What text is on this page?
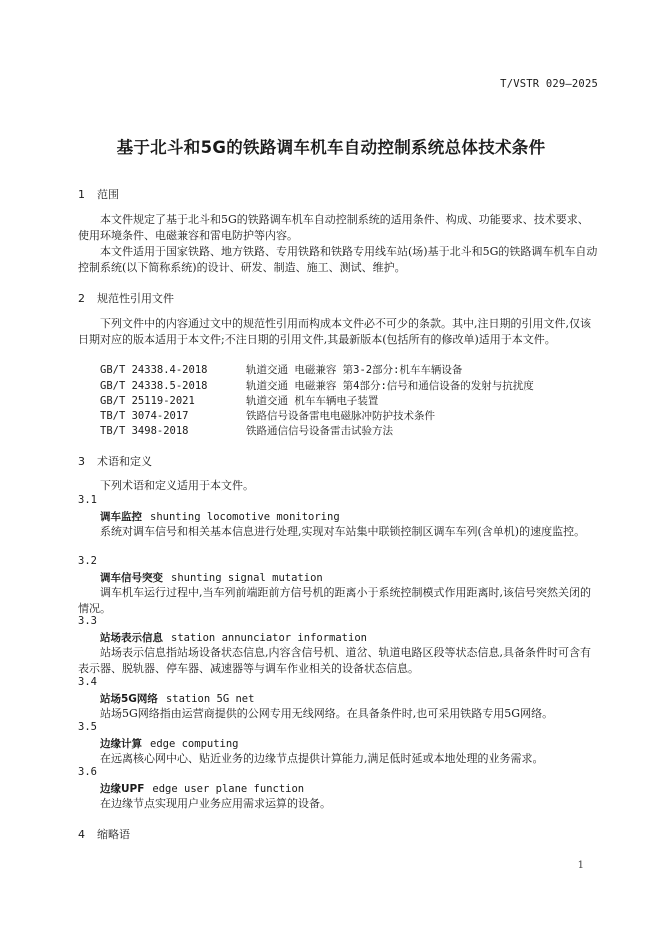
T/VSTR 029—2025
基于北斗和5G的铁路调车机车自动控制系统总体技术条件
1 范围
本文件规定了基于北斗和5G的铁路调车机车自动控制系统的适用条件、构成、功能要求、技术要求、使用环境条件、电磁兼容和雷电防护等内容。
本文件适用于国家铁路、地方铁路、专用铁路和铁路专用线车站(场)基于北斗和5G的铁路调车机车自动控制系统(以下简称系统)的设计、研发、制造、施工、测试、维护。
2 规范性引用文件
下列文件中的内容通过文中的规范性引用而构成本文件必不可少的条款。其中,注日期的引用文件,仅该日期对应的版本适用于本文件;不注日期的引用文件,其最新版本(包括所有的修改单)适用于本文件。
GB/T 24338.4-2018	轨道交通 电磁兼容 第3-2部分:机车车辆设备
GB/T 24338.5-2018	轨道交通 电磁兼容 第4部分:信号和通信设备的发射与抗扰度
GB/T 25119-2021	轨道交通 机车车辆电子装置
TB/T 3074-2017	铁路信号设备雷电电磁脉冲防护技术条件
TB/T 3498-2018	铁路通信信号设备雷击试验方法
3 术语和定义
下列术语和定义适用于本文件。
3.1
调车监控 shunting locomotive monitoring
系统对调车信号和相关基本信息进行处理,实现对车站集中联锁控制区调车车列(含单机)的速度监控。
3.2
调车信号突变 shunting signal mutation
调车机车运行过程中,当车列前端距前方信号机的距离小于系统控制模式作用距离时,该信号突然关闭的情况。
3.3
站场表示信息 station annunciator information
站场表示信息指站场设备状态信息,内容含信号机、道岔、轨道电路区段等状态信息,具备条件时可含有表示器、脱轨器、停车器、减速器等与调车作业相关的设备状态信息。
3.4
站场5G网络 station 5G net
站场5G网络指由运营商提供的公网专用无线网络。在具备条件时,也可采用铁路专用5G网络。
3.5
边缘计算 edge computing
在远离核心网中心、贴近业务的边缘节点提供计算能力,满足低时延或本地处理的业务需求。
3.6
边缘UPF edge user plane function
在边缘节点实现用户业务应用需求运算的设备。
4 缩略语
1
